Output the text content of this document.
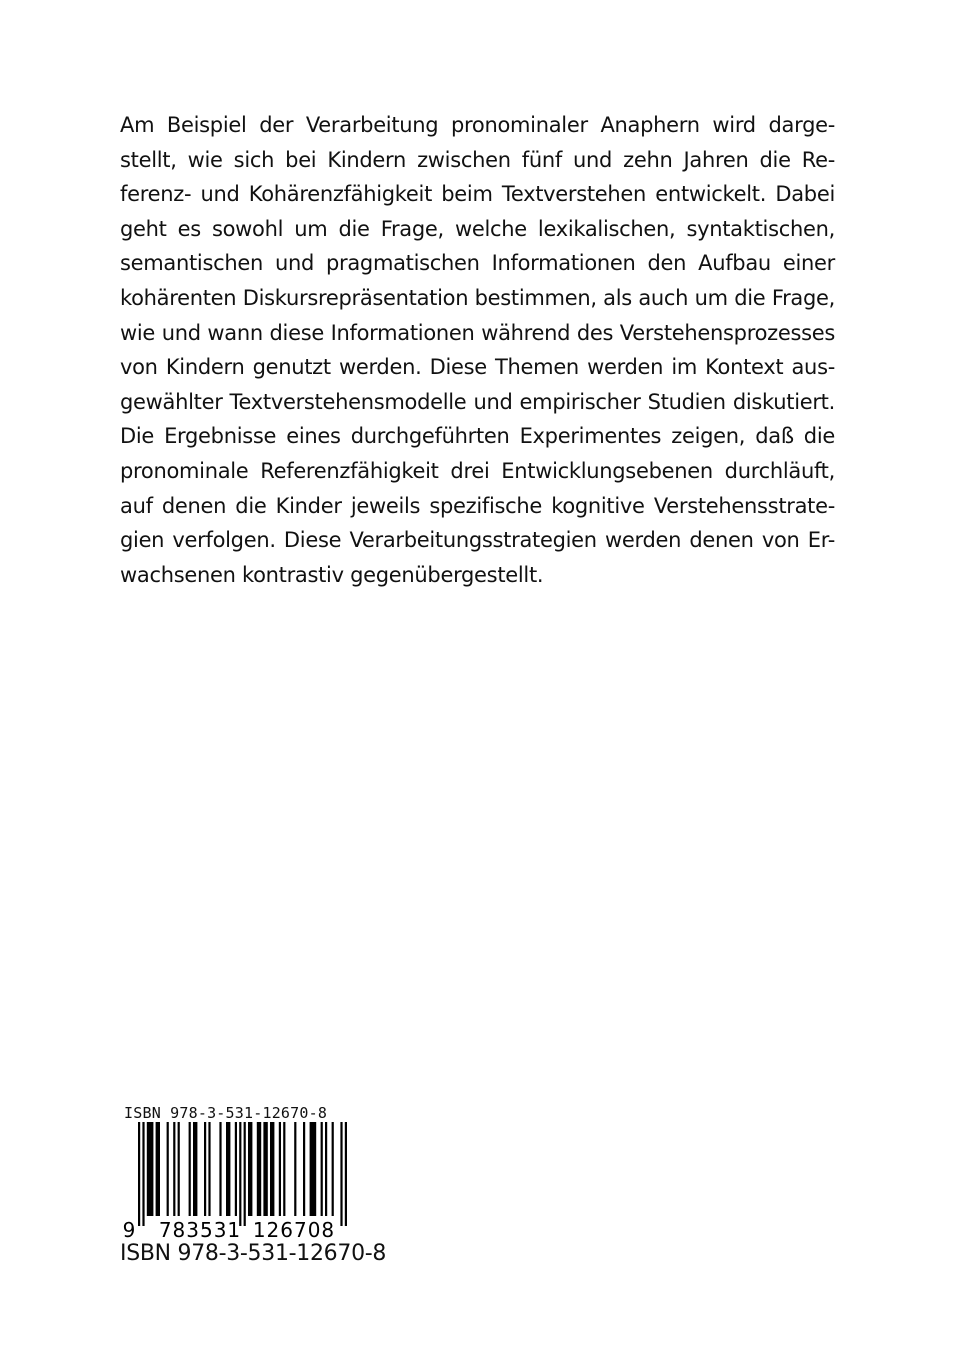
Am Beispiel der Verarbeitung pronominaler Anaphern wird darge-
stellt, wie sich bei Kindern zwischen fünf und zehn Jahren die Re-
ferenz- und Kohärenzfähigkeit beim Textverstehen entwickelt. Dabei
geht es sowohl um die Frage, welche lexikalischen, syntaktischen,
semantischen und pragmatischen Informationen den Aufbau einer
kohärenten Diskursrepräsentation bestimmen, als auch um die Frage,
wie und wann diese Informationen während des Verstehensprozesses
von Kindern genutzt werden. Diese Themen werden im Kontext aus-
gewählter Textverstehensmodelle und empirischer Studien diskutiert.
Die Ergebnisse eines durchgeführten Experimentes zeigen, daß die
pronominale Referenzfähigkeit drei Entwicklungsebenen durchläuft,
auf denen die Kinder jeweils spezifische kognitive Verstehensstrate-
gien verfolgen. Diese Verarbeitungsstrategien werden denen von Er-
wachsenen kontrastiv gegenübergestellt.
ISBN 978-3-531-12670-8
9 783531 126708
ISBN 978-3-531-12670-8
